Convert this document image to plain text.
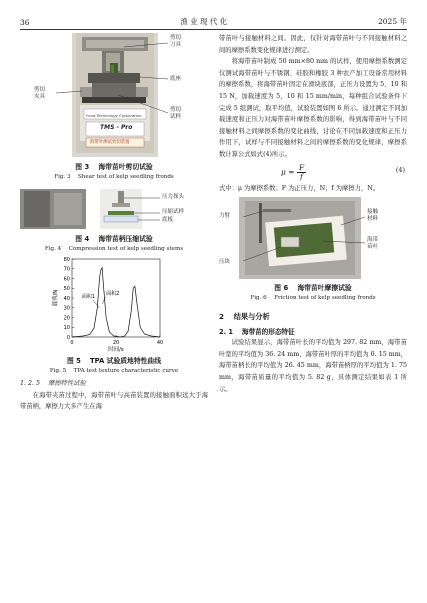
36	渔 业 现 代 化	2025 年
剪切
刀具
底座
剪切
夹具
剪切
试样
Food Technology Corporation
TMS - Pro
海带叶测试剪切装置

图 3 　海带苗叶剪切试验

Fig. 3 　Shear test of kelp seedling fronds

压力探头
压缩试样
底板

图 4 　海带苗柄压缩试验

Fig. 4 　Compression test of kelp seedling stems

0
10
20
30
40
50
60
70
80
0	20	40
时间/s
载荷/N	面积1 面积2

图 5 　TPA 试验质地特性曲线

Fig. 5 　TPA test texture characteristic curve

1. 2. 5 摩擦特性试验

在海带夹苗过程中，海带苗叶与高苗装置的接触面积远大于海带苗柄，摩擦力大多产生在海

带苗叶与接触材料之间。因此，仅针对海带苗叶与不同接触材料之间的摩擦系数变化规律进行测定。

将海带苗叶制成 50 mm×80 mm 的试样，使用摩擦系数测定仪测试海带苗叶与不锈钢、硅胶和橡胶 3 种农产加工设备常用材料的摩擦系数，将海带苗叶固定在滑块底部，正压力设置为 5、10 和 15 N，加载速度为 5、10 和 15 mm/min，每种组合试验条件下完成 5 组测试，取平均值，试验装置如图 6 所示。通过测定不同加载速度和正压力对海带苗叶摩擦系数的影响，得到海带苗叶与不同接触材料之间摩擦系数的变化曲线，讨论在不同加载速度和正压力作用下，试样与不同接触材料之间的摩擦系数的变化规律，摩擦系数计算公式如式(4)所示。

$\mu = \frac{F}{f}$	(4)

式中：μ 为摩擦系数；F 为正压力，N；f 为摩擦力，N。

力臂
接触
材料
海带
苗叶
压块

图 6 　海带苗叶摩擦试验

Fig. 6 　Friction test of kelp seedling fronds

2 　结果与分析

2. 1 　海带苗的形态特征

试验结果显示，海带苗叶长的平均值为 297. 82 mm，海带苗叶宽的平均值为 36. 24 mm，海带苗叶厚的平均值为 0. 15 mm，海带苗柄长的平均值为 26. 45 mm，海带苗柄厚的平均值为 1. 75 mm，海带苗质量的平均值为 5. 82 g，具体测定结果如表 1 所示。
